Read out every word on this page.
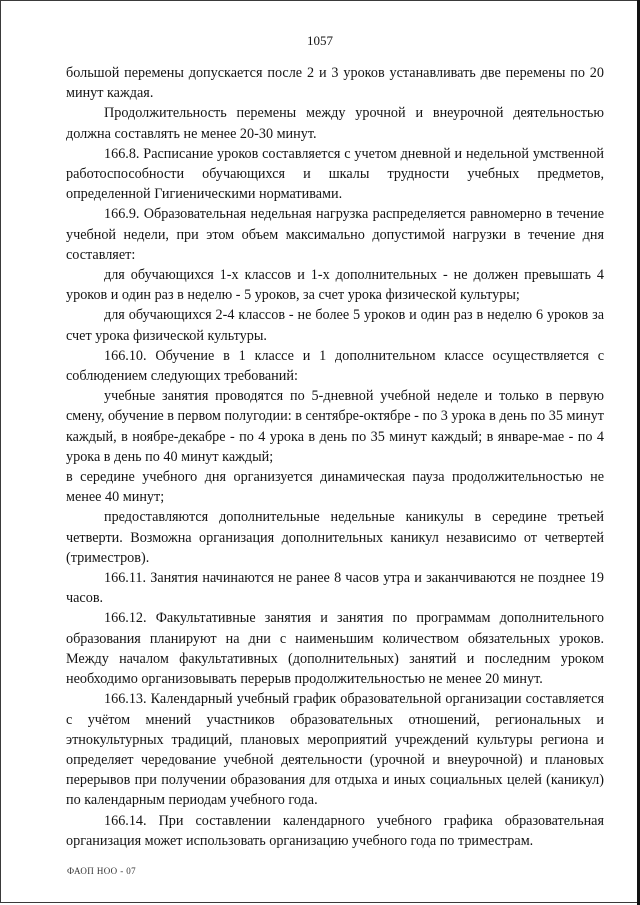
1057

большой перемены допускается после 2 и 3 уроков устанавливать две перемены по 20 минут каждая.

Продолжительность перемены между урочной и внеурочной деятельностью должна составлять не менее 20-30 минут.

166.8. Расписание уроков составляется с учетом дневной и недельной умственной работоспособности обучающихся и шкалы трудности учебных предметов, определенной Гигиеническими нормативами.

166.9. Образовательная недельная нагрузка распределяется равномерно в течение учебной недели, при этом объем максимально допустимой нагрузки в течение дня составляет:

для обучающихся 1-х классов и 1-х дополнительных - не должен превышать 4 уроков и один раз в неделю - 5 уроков, за счет урока физической культуры;

для обучающихся 2-4 классов - не более 5 уроков и один раз в неделю 6 уроков за счет урока физической культуры.

166.10. Обучение в 1 классе и 1 дополнительном классе осуществляется с соблюдением следующих требований:

учебные занятия проводятся по 5-дневной учебной неделе и только в первую смену, обучение в первом полугодии: в сентябре-октябре - по 3 урока в день по 35 минут каждый, в ноябре-декабре - по 4 урока в день по 35 минут каждый; в январе-мае - по 4 урока в день по 40 минут каждый;

в середине учебного дня организуется динамическая пауза продолжительностью не менее 40 минут;

предоставляются дополнительные недельные каникулы в середине третьей четверти. Возможна организация дополнительных каникул независимо от четвертей (триместров).

166.11. Занятия начинаются не ранее 8 часов утра и заканчиваются не позднее 19 часов.

166.12. Факультативные занятия и занятия по программам дополнительного образования планируют на дни с наименьшим количеством обязательных уроков. Между началом факультативных (дополнительных) занятий и последним уроком необходимо организовывать перерыв продолжительностью не менее 20 минут.

166.13. Календарный учебный график образовательной организации составляется с учётом мнений участников образовательных отношений, региональных и этнокультурных традиций, плановых мероприятий учреждений культуры региона и определяет чередование учебной деятельности (урочной и внеурочной) и плановых перерывов при получении образования для отдыха и иных социальных целей (каникул) по календарным периодам учебного года.

166.14. При составлении календарного учебного графика образовательная организация может использовать организацию учебного года по триместрам.

ФАОП НОО - 07
